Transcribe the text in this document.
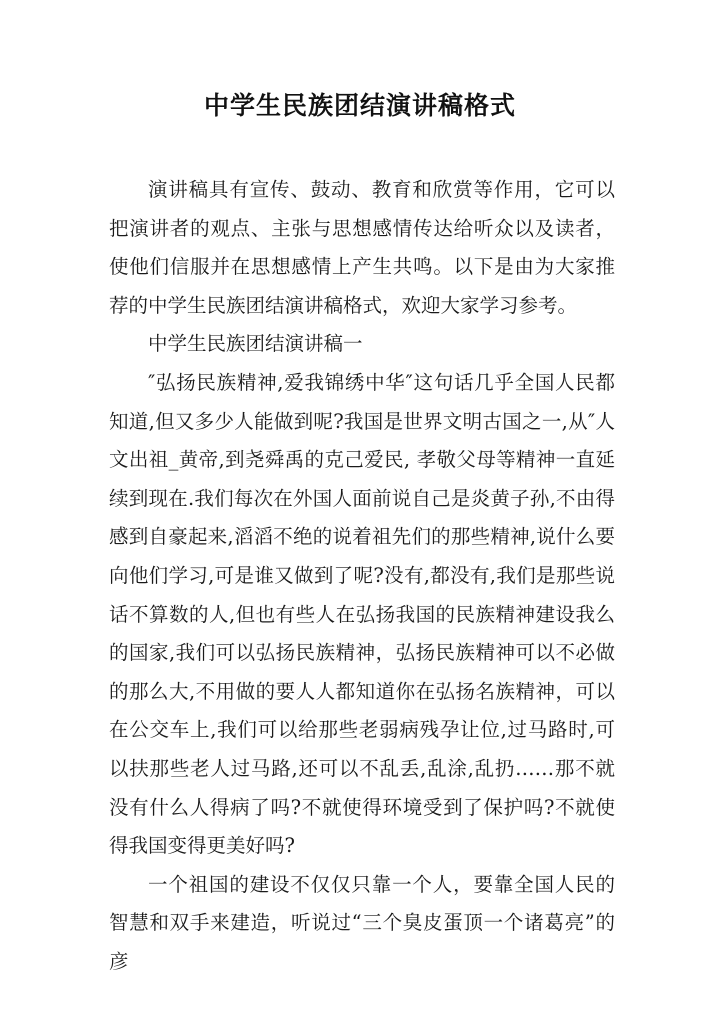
中学生民族团结演讲稿格式

演讲稿具有宣传、鼓动、教育和欣赏等作用，它可以把演讲者的观点、主张与思想感情传达给听众以及读者，使他们信服并在思想感情上产生共鸣。以下是由为大家推荐的中学生民族团结演讲稿格式，欢迎大家学习参考。

中学生民族团结演讲稿一

″弘扬民族精神,爱我锦绣中华″这句话几乎全国人民都知道,但又多少人能做到呢?我国是世界文明古国之一,从″人文出祖_黄帝,到尧舜禹的克己爱民, 孝敬父母等精神一直延续到现在.我们每次在外国人面前说自己是炎黄子孙,不由得感到自豪起来,滔滔不绝的说着祖先们的那些精神,说什么要向他们学习,可是谁又做到了呢?没有,都没有,我们是那些说话不算数的人,但也有些人在弘扬我国的民族精神建设我么的国家,我们可以弘扬民族精神，弘扬民族精神可以不必做的那么大,不用做的要人人都知道你在弘扬名族精神，可以在公交车上,我们可以给那些老弱病残孕让位,过马路时,可以扶那些老人过马路,还可以不乱丢,乱涂,乱扔……那不就没有什么人得病了吗?不就使得环境受到了保护吗?不就使得我国变得更美好吗?

一个祖国的建设不仅仅只靠一个人，要靠全国人民的智慧和双手来建造，听说过“三个臭皮蛋顶一个诸葛亮”的彦
